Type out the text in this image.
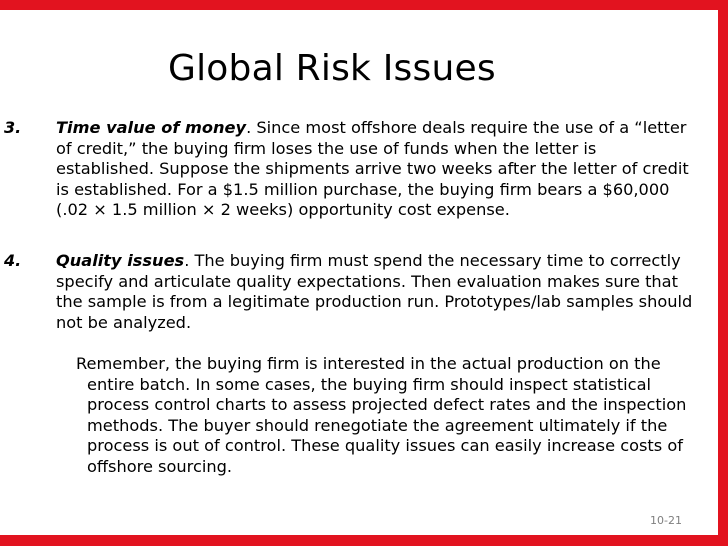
Global Risk Issues
3. Time value of money. Since most offshore deals require the use of a “letter of credit,” the buying firm loses the use of funds when the letter is established. Suppose the shipments arrive two weeks after the letter of credit is established. For a $1.5 million purchase, the buying firm bears a $60,000 (.02 × 1.5 million × 2 weeks) opportunity cost expense.
4. Quality issues. The buying firm must spend the necessary time to correctly specify and articulate quality expectations. Then evaluation makes sure that the sample is from a legitimate production run. Prototypes/lab samples should not be analyzed.
Remember, the buying firm is interested in the actual production on the entire batch. In some cases, the buying firm should inspect statistical process control charts to assess projected defect rates and the inspection methods. The buyer should renegotiate the agreement ultimately if the process is out of control. These quality issues can easily increase costs of offshore sourcing.
10-21
